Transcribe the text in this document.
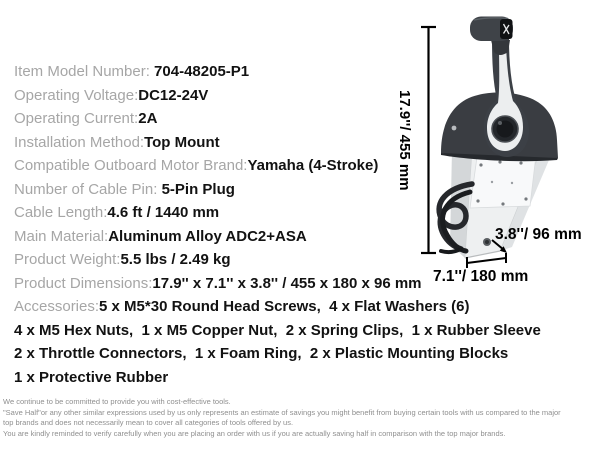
Item Model Number: 704-48205-P1
Operating Voltage:DC12-24V
Operating Current:2A
Installation Method:Top Mount
Compatible Outboard Motor Brand:Yamaha (4-Stroke)
Number of Cable Pin: 5-Pin Plug
Cable Length:4.6 ft / 1440 mm
Main Material:Aluminum Alloy ADC2+ASA
Product Weight:5.5 lbs / 2.49 kg
Product Dimensions:17.9'' x 7.1'' x 3.8'' / 455 x 180 x 96 mm
Accessories:5 x M5*30 Round Head Screws,  4 x Flat Washers (6)
4 x M5 Hex Nuts,  1 x M5 Copper Nut,  2 x Spring Clips,  1 x Rubber Sleeve
2 x Throttle Connectors,  1 x Foam Ring,  2 x Plastic Mounting Blocks
1 x Protective Rubber
17.9''/ 455 mm
3.8''/ 96 mm
7.1''/ 180 mm
We continue to be committed to provide you with cost-effective tools.
"Save Half"or any other similar expressions used by us only represents an estimate of savings you might benefit from buying certain tools with us compared to the major
top brands and does not necessarily mean to cover all categories of tools offered by us.
You are kindly reminded to verify carefully when you are placing an order with us if you are actually saving half in comparison with the top major brands.
